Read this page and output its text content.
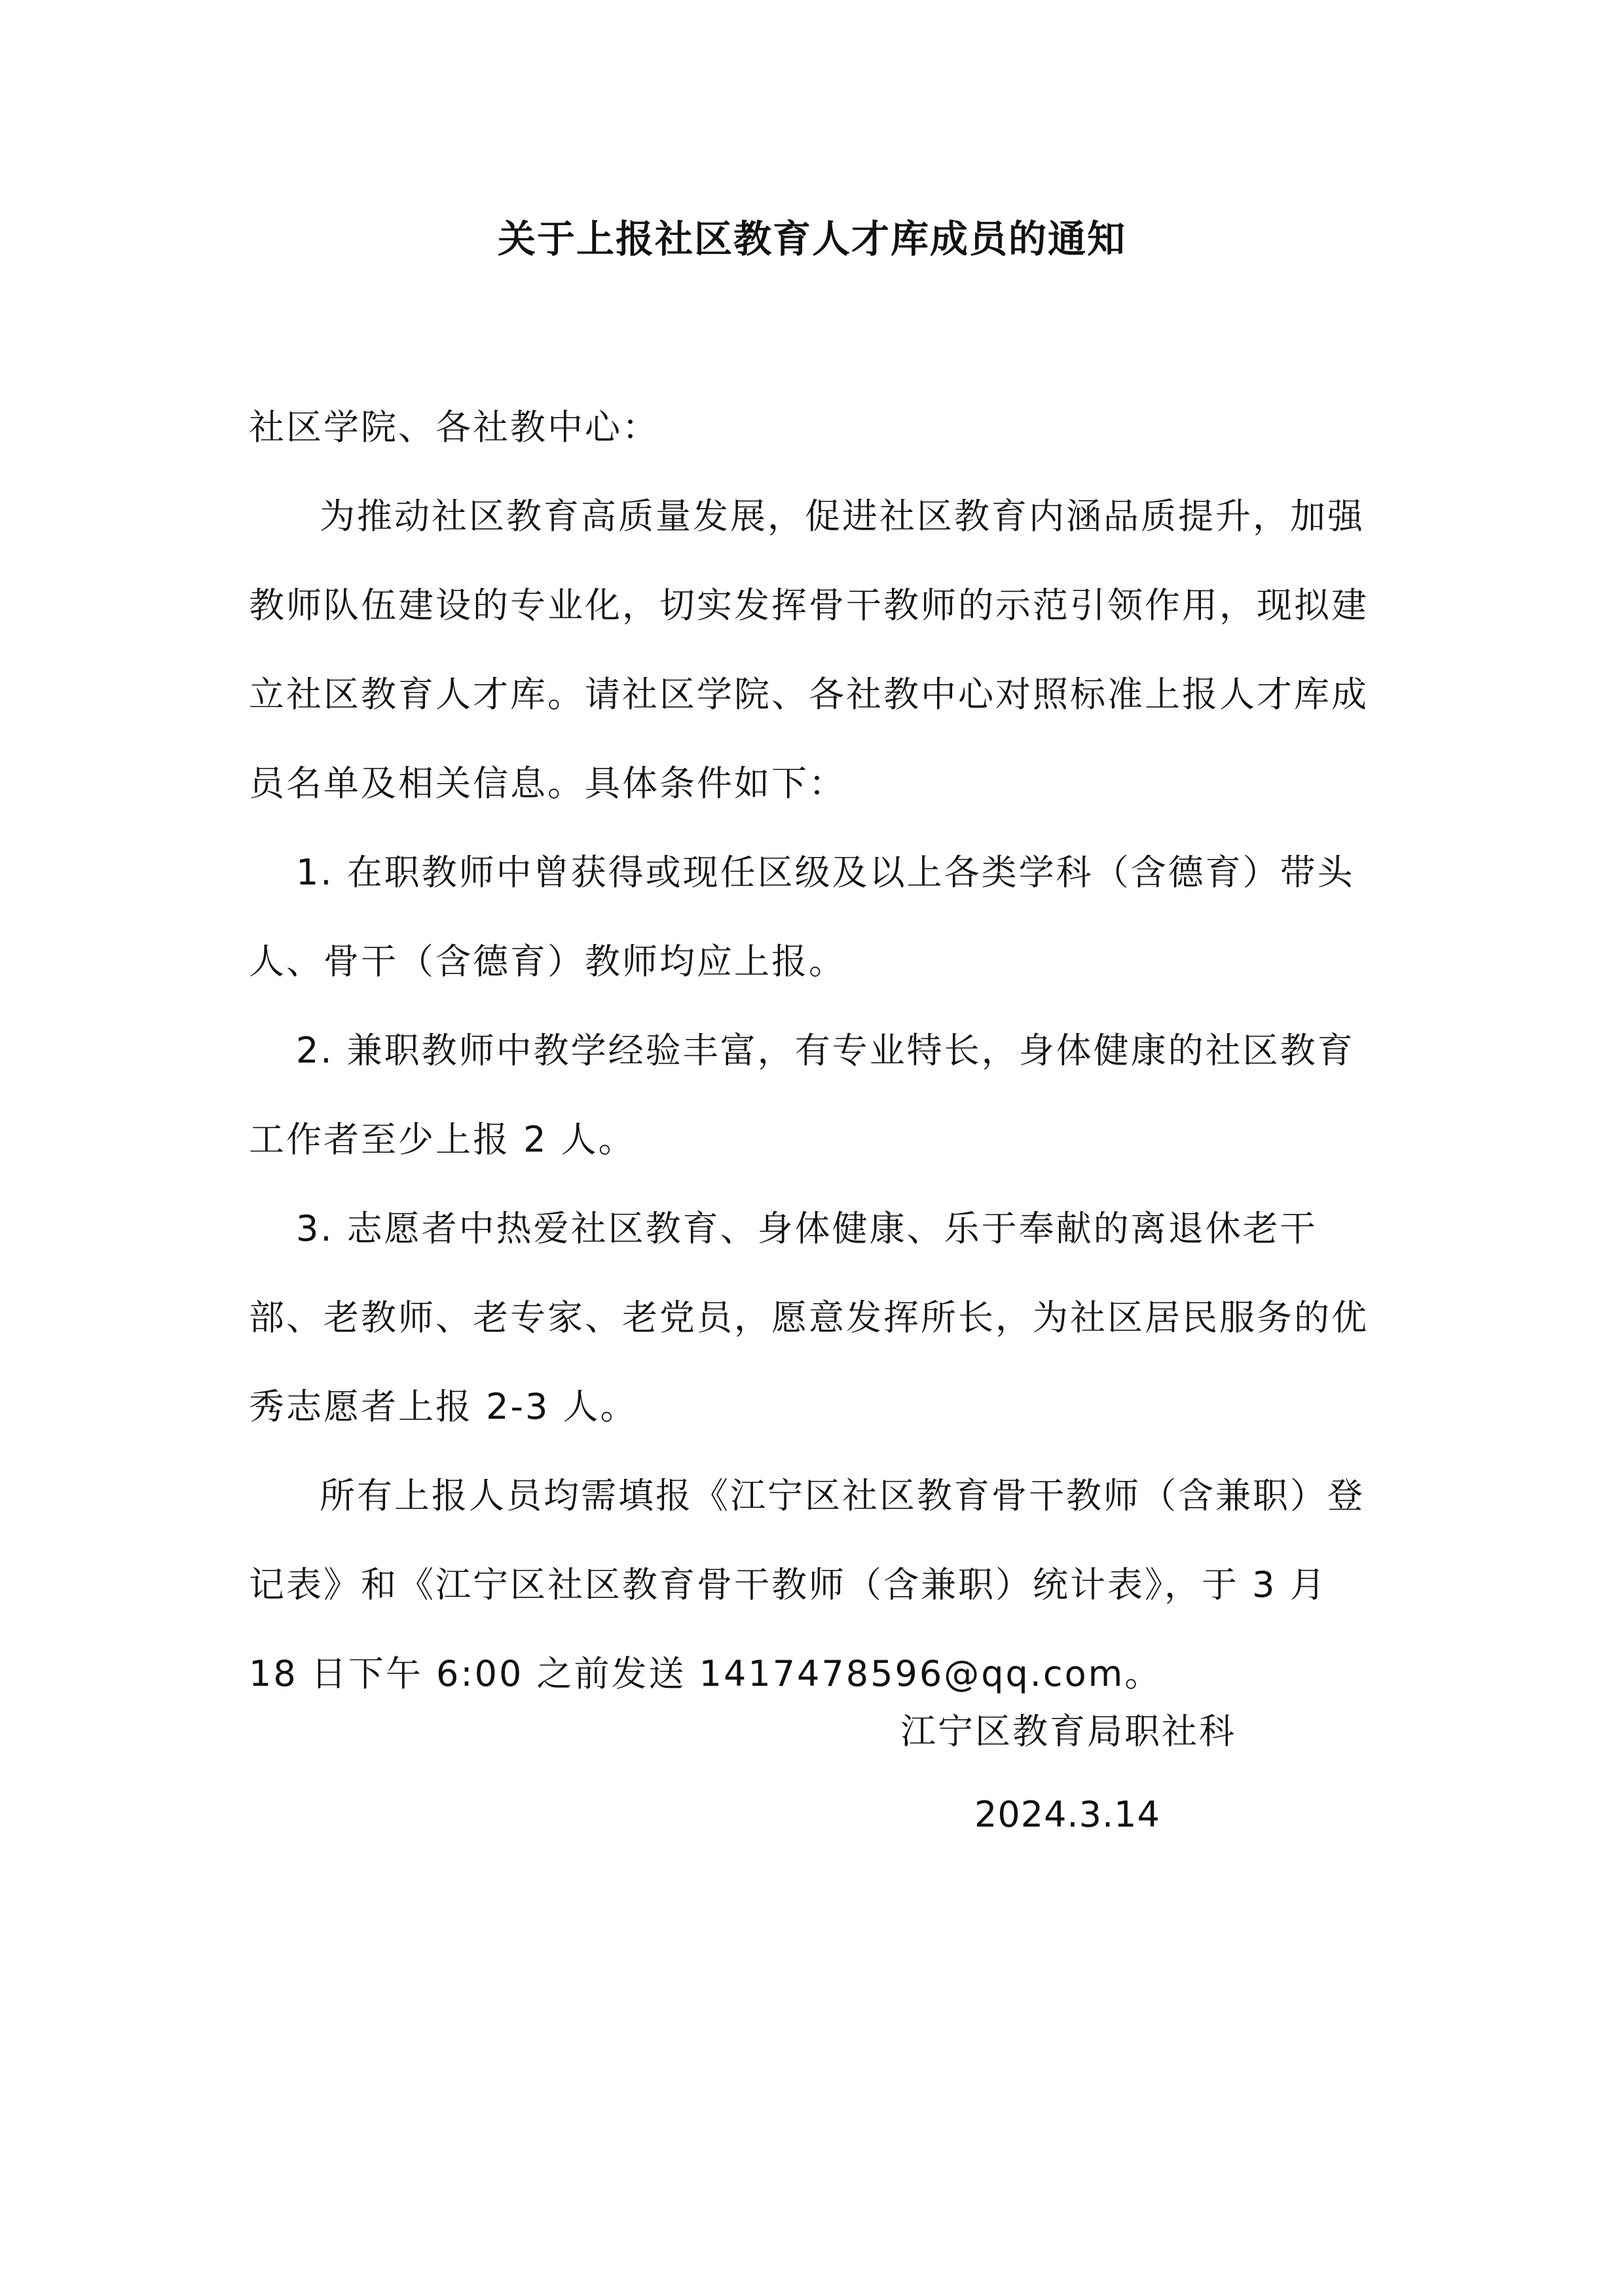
关于上报社区教育人才库成员的通知

社区学院、各社教中心：

为推动社区教育高质量发展，促进社区教育内涵品质提升，加强教师队伍建设的专业化，切实发挥骨干教师的示范引领作用，现拟建立社区教育人才库。请社区学院、各社教中心对照标准上报人才库成员名单及相关信息。具体条件如下：

1. 在职教师中曾获得或现任区级及以上各类学科（含德育）带头人、骨干（含德育）教师均应上报。

2. 兼职教师中教学经验丰富，有专业特长，身体健康的社区教育工作者至少上报 2 人。

3. 志愿者中热爱社区教育、身体健康、乐于奉献的离退休老干部、老教师、老专家、老党员，愿意发挥所长，为社区居民服务的优秀志愿者上报 2-3 人。

所有上报人员均需填报《江宁区社区教育骨干教师（含兼职）登记表》和《江宁区社区教育骨干教师（含兼职）统计表》，于 3 月 18 日下午 6:00 之前发送 1417478596@qq.com。

江宁区教育局职社科
2024.3.14
